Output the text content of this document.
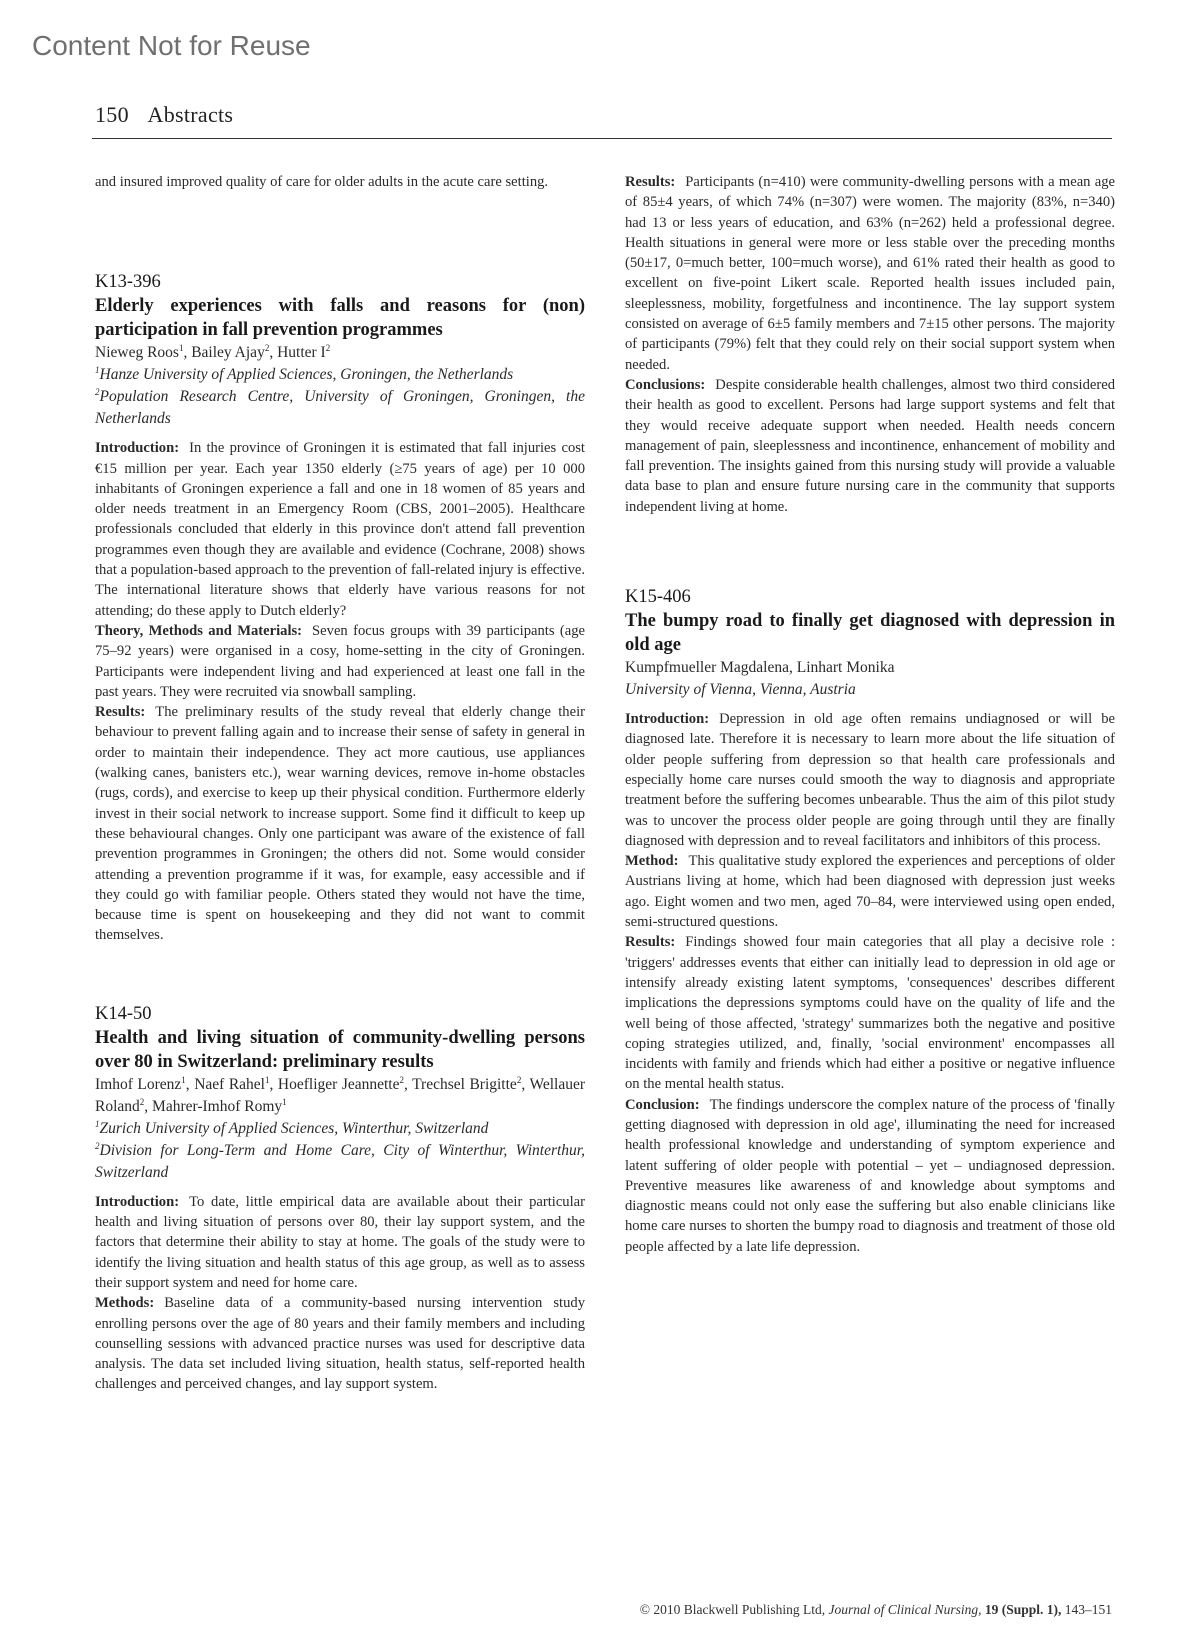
Content Not for Reuse
150 Abstracts

and insured improved quality of care for older adults in the acute care setting.

K13-396

Elderly experiences with falls and reasons for (non) participation in fall prevention programmes

Nieweg Roos$^1$, Bailey Ajay$^2$, Hutter $I^2$

$^1$Hanze University of Applied Sciences, Groningen, the Netherlands

$^2$Population Research Centre, University of Groningen, Groningen, the Netherlands

Introduction: In the province of Groningen it is estimated that fall injuries cost €15 million per year. Each year 1350 elderly (≥75 years of age) per 10 000 inhabitants of Groningen experience a fall and one in 18 women of 85 years and older needs treatment in an Emergency Room (CBS, 2001–2005). Healthcare professionals concluded that elderly in this province don't attend fall prevention programmes even though they are available and evidence (Cochrane, 2008) shows that a population-based approach to the prevention of fall-related injury is effective. The international literature shows that elderly have various reasons for not attending; do these apply to Dutch elderly?

Theory, Methods and Materials: Seven focus groups with 39 participants (age 75–92 years) were organised in a cosy, home-setting in the city of Groningen. Participants were independent living and had experienced at least one fall in the past years. They were recruited via snowball sampling.

Results: The preliminary results of the study reveal that elderly change their behaviour to prevent falling again and to increase their sense of safety in general in order to maintain their independence. They act more cautious, use appliances (walking canes, banisters etc.), wear warning devices, remove in-home obstacles (rugs, cords), and exercise to keep up their physical condition. Furthermore elderly invest in their social network to increase support. Some find it difficult to keep up these behavioural changes. Only one participant was aware of the existence of fall prevention programmes in Groningen; the others did not. Some would consider attending a prevention programme if it was, for example, easy accessible and if they could go with familiar people. Others stated they would not have the time, because time is spent on housekeeping and they did not want to commit themselves.

K14-50

Health and living situation of community-dwelling persons over 80 in Switzerland: preliminary results

Imhof Lorenz$^1$, Naef Rahel$^1$, Hoefliger Jeannette$^2$, Trechsel Brigitte$^2$, Wellauer Roland$^2$, Mahrer-Imhof Romy$^1$

$^1$Zurich University of Applied Sciences, Winterthur, Switzerland

$^2$Division for Long-Term and Home Care, City of Winterthur, Winterthur, Switzerland

Introduction: To date, little empirical data are available about their particular health and living situation of persons over 80, their lay support system, and the factors that determine their ability to stay at home. The goals of the study were to identify the living situation and health status of this age group, as well as to assess their support system and need for home care.

Methods: Baseline data of a community-based nursing intervention study enrolling persons over the age of 80 years and their family members and including counselling sessions with advanced practice nurses was used for descriptive data analysis. The data set included living situation, health status, self-reported health challenges and perceived changes, and lay support system.

Results: Participants (n=410) were community-dwelling persons with a mean age of 85±4 years, of which 74% (n=307) were women. The majority (83%, n=340) had 13 or less years of education, and 63% (n=262) held a professional degree. Health situations in general were more or less stable over the preceding months (50±17, 0=much better, 100=much worse), and 61% rated their health as good to excellent on five-point Likert scale. Reported health issues included pain, sleeplessness, mobility, forgetfulness and incontinence. The lay support system consisted on average of 6±5 family members and 7±15 other persons. The majority of participants (79%) felt that they could rely on their social support system when needed.

Conclusions: Despite considerable health challenges, almost two third considered their health as good to excellent. Persons had large support systems and felt that they would receive adequate support when needed. Health needs concern management of pain, sleeplessness and incontinence, enhancement of mobility and fall prevention. The insights gained from this nursing study will provide a valuable data base to plan and ensure future nursing care in the community that supports independent living at home.

K15-406

The bumpy road to finally get diagnosed with depression in old age

Kumpfmueller Magdalena, Linhart Monika

University of Vienna, Vienna, Austria

Introduction: Depression in old age often remains undiagnosed or will be diagnosed late. Therefore it is necessary to learn more about the life situation of older people suffering from depression so that health care professionals and especially home care nurses could smooth the way to diagnosis and appropriate treatment before the suffering becomes unbearable. Thus the aim of this pilot study was to uncover the process older people are going through until they are finally diagnosed with depression and to reveal facilitators and inhibitors of this process.

Method: This qualitative study explored the experiences and perceptions of older Austrians living at home, which had been diagnosed with depression just weeks ago. Eight women and two men, aged 70–84, were interviewed using open ended, semi-structured questions.

Results: Findings showed four main categories that all play a decisive role : 'triggers' addresses events that either can initially lead to depression in old age or intensify already existing latent symptoms, 'consequences' describes different implications the depressions symptoms could have on the quality of life and the well being of those affected, 'strategy' summarizes both the negative and positive coping strategies utilized, and, finally, 'social environment' encompasses all incidents with family and friends which had either a positive or negative influence on the mental health status.

Conclusion: The findings underscore the complex nature of the process of 'finally getting diagnosed with depression in old age', illuminating the need for increased health professional knowledge and understanding of symptom experience and latent suffering of older people with potential – yet – undiagnosed depression. Preventive measures like awareness of and knowledge about symptoms and diagnostic means could not only ease the suffering but also enable clinicians like home care nurses to shorten the bumpy road to diagnosis and treatment of those old people affected by a late life depression.

© 2010 Blackwell Publishing Ltd, Journal of Clinical Nursing, 19 (Suppl. 1), 143–151
